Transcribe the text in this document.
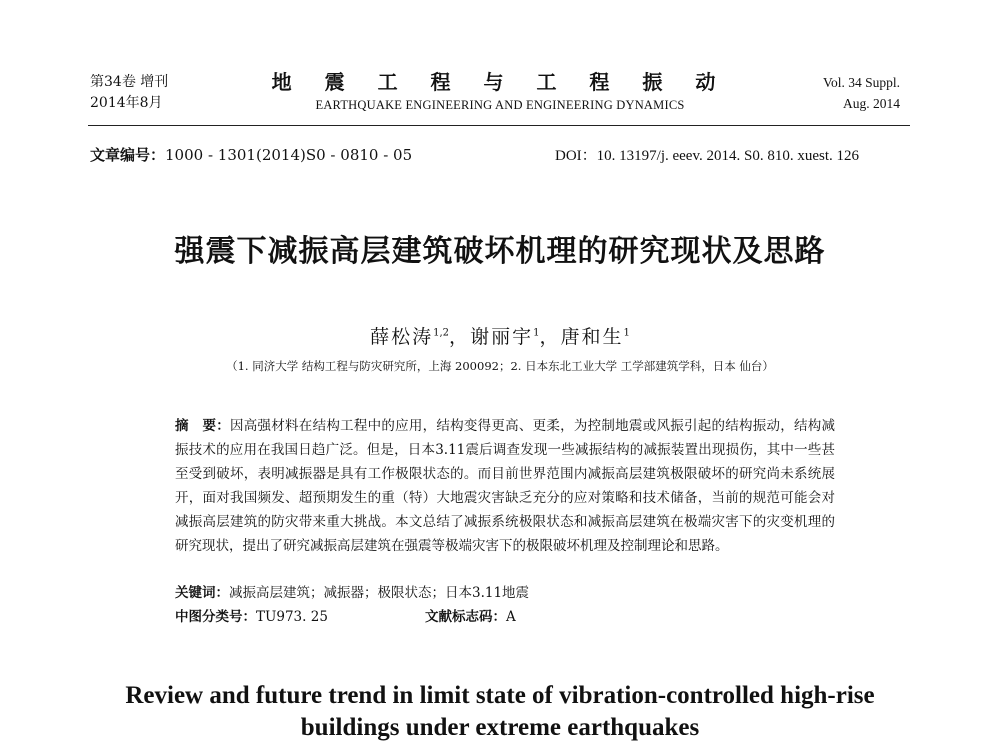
第34卷 增刊
2014年8月
地 震 工 程 与 工 程 振 动
EARTHQUAKE ENGINEERING AND ENGINEERING DYNAMICS
Vol. 34 Suppl.
Aug. 2014
文章编号：1000 - 1301(2014)S0 - 0810 - 05	DOI：10. 13197/j. eeev. 2014. S0. 810. xuest. 126
强震下减振高层建筑破坏机理的研究现状及思路
薛松涛$^{1,2}$，谢丽宇$^1$，唐和生$^1$
（1. 同济大学 结构工程与防灾研究所，上海 200092；2. 日本东北工业大学 工学部建筑学科，日本 仙台）
摘　要：因高强材料在结构工程中的应用，结构变得更高、更柔，为控制地震或风振引起的结构振动，结构减振技术的应用在我国日趋广泛。但是，日本3.11震后调查发现一些减振结构的减振装置出现损伤，其中一些甚至受到破坏，表明减振器是具有工作极限状态的。而目前世界范围内减振高层建筑极限破坏的研究尚未系统展开，面对我国频发、超预期发生的重（特）大地震灾害缺乏充分的应对策略和技术储备，当前的规范可能会对减振高层建筑的防灾带来重大挑战。本文总结了减振系统极限状态和减振高层建筑在极端灾害下的灾变机理的研究现状，提出了研究减振高层建筑在强震等极端灾害下的极限破坏机理及控制理论和思路。
关键词：减振高层建筑；减振器；极限状态；日本3.11地震
中图分类号：TU973. 25	文献标志码：A
Review and future trend in limit state of vibration-controlled high-rise
buildings under extreme earthquakes
